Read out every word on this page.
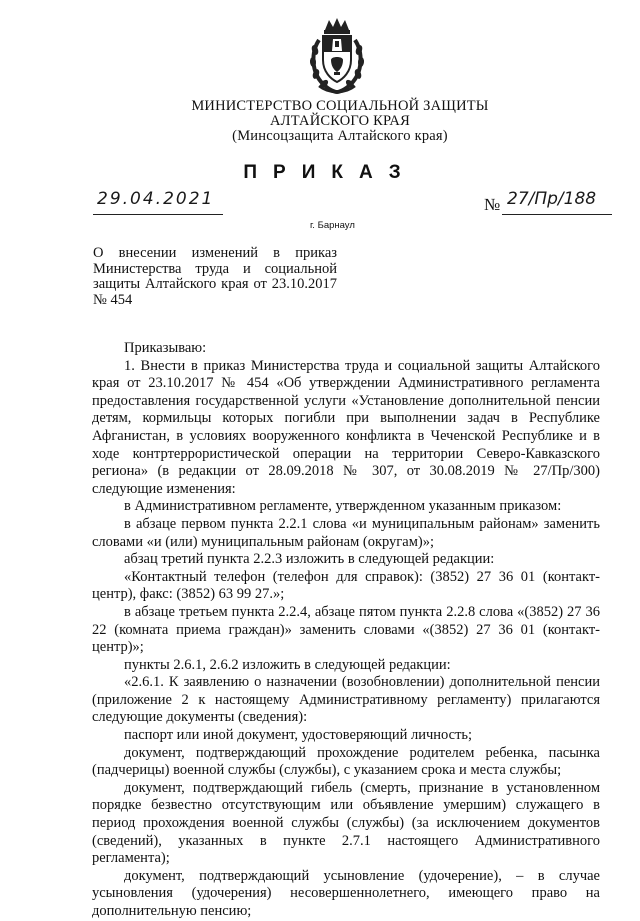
МИНИСТЕРСТВО СОЦИАЛЬНОЙ ЗАЩИТЫ
АЛТАЙСКОГО КРАЯ
(Минсоцзащита Алтайского края)
ПРИКАЗ
29.04.2021	№ 27/Пр/188
г. Барнаул
О внесении изменений в приказ Министерства труда и социальной защиты Алтайского края от 23.10.2017 № 454

Приказываю:

1. Внести в приказ Министерства труда и социальной защиты Алтайского края от 23.10.2017 № 454 «Об утверждении Административного регламента предоставления государственной услуги «Установление дополнительной пенсии детям, кормильцы которых погибли при выполнении задач в Республике Афганистан, в условиях вооруженного конфликта в Чеченской Республике и в ходе контртеррористической операции на территории Северо-Кавказского региона» (в редакции от 28.09.2018 № 307, от 30.08.2019 № 27/Пр/300) следующие изменения:

в Административном регламенте, утвержденном указанным приказом:

в абзаце первом пункта 2.2.1 слова «и муниципальным районам» заменить словами «и (или) муниципальным районам (округам)»;

абзац третий пункта 2.2.3 изложить в следующей редакции:

«Контактный телефон (телефон для справок): (3852) 27 36 01 (контакт-центр), факс: (3852) 63 99 27.»;

в абзаце третьем пункта 2.2.4, абзаце пятом пункта 2.2.8 слова «(3852) 27 36 22 (комната приема граждан)» заменить словами «(3852) 27 36 01 (контакт-центр)»;

пункты 2.6.1, 2.6.2 изложить в следующей редакции:

«2.6.1. К заявлению о назначении (возобновлении) дополнительной пенсии (приложение 2 к настоящему Административному регламенту) прилагаются следующие документы (сведения):

паспорт или иной документ, удостоверяющий личность;

документ, подтверждающий прохождение родителем ребенка, пасынка (падчерицы) военной службы (службы), с указанием срока и места службы;

документ, подтверждающий гибель (смерть, признание в установленном порядке безвестно отсутствующим или объявление умершим) служащего в период прохождения военной службы (службы) (за исключением документов (сведений), указанных в пункте 2.7.1 настоящего Административного регламента);

документ, подтверждающий усыновление (удочерение), – в случае усыновления (удочерения) несовершеннолетнего, имеющего право на дополнительную пенсию;
